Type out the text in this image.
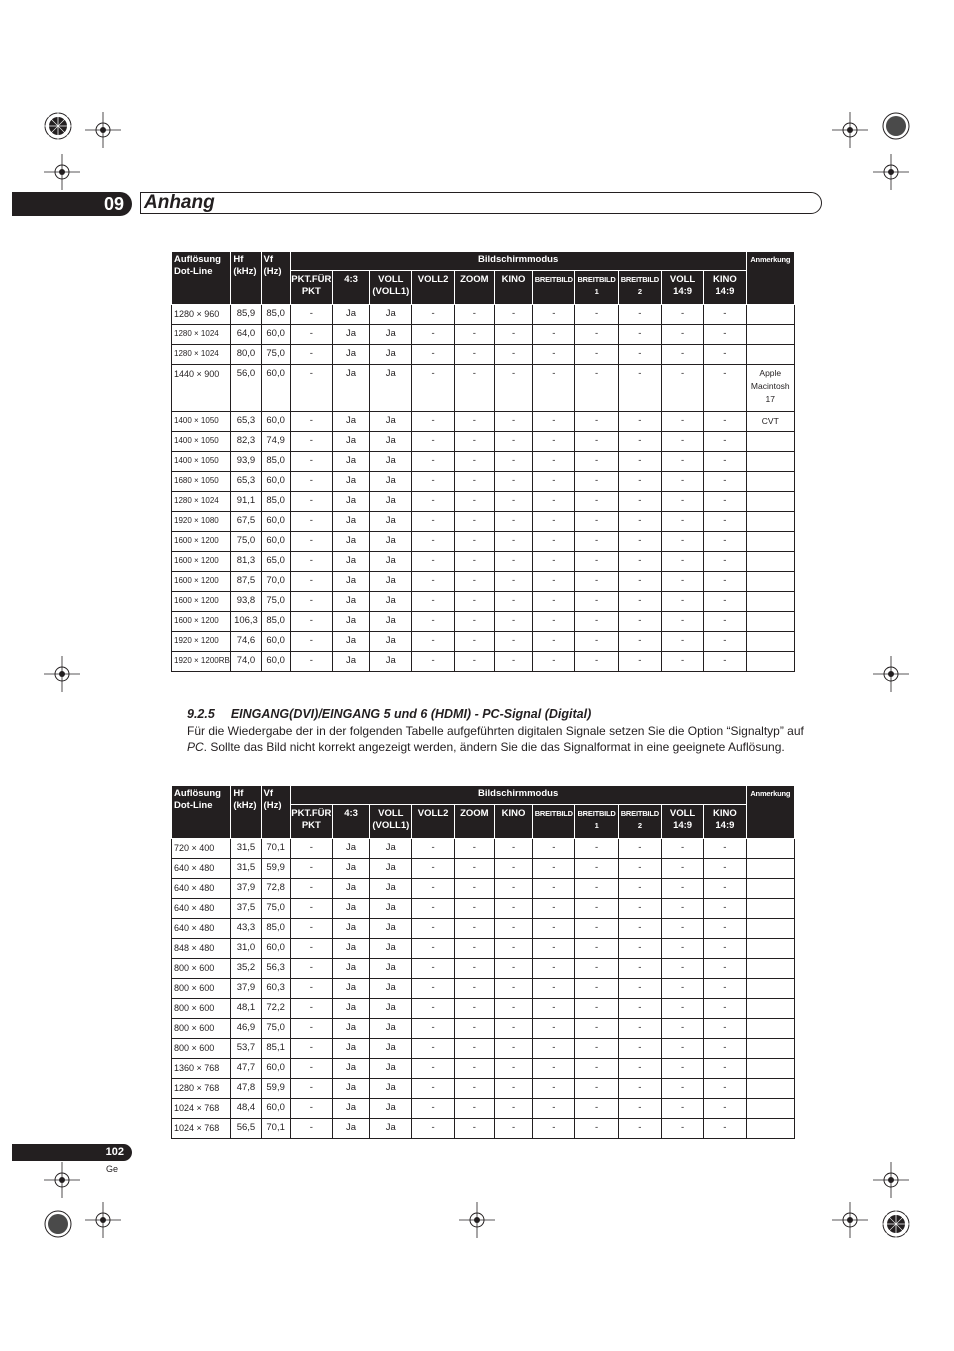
09	Anhang
Auflösung Dot-Line	Hf (kHz)	Vf (Hz)	Bildschirmmodus											Anmerkung
			PKT.FÜR PKT	4:3	VOLL (VOLL1)	VOLL2	ZOOM	KINO	BREITBILD	BREITBILD 1	BREITBILD 2	VOLL 14:9	KINO 14:9	
1280 × 960	85,9	85,0	-	Ja	Ja	-	-	-	-	-	-	-	-	
1280 × 1024	64,0	60,0	-	Ja	Ja	-	-	-	-	-	-	-	-	
1280 × 1024	80,0	75,0	-	Ja	Ja	-	-	-	-	-	-	-	-	
1440 × 900	56,0	60,0	-	Ja	Ja	-	-	-	-	-	-	-	-	Apple Macintosh 17
1400 × 1050	65,3	60,0	-	Ja	Ja	-	-	-	-	-	-	-	-	CVT
1400 × 1050	82,3	74,9	-	Ja	Ja	-	-	-	-	-	-	-	-	
1400 × 1050	93,9	85,0	-	Ja	Ja	-	-	-	-	-	-	-	-	
1680 × 1050	65,3	60,0	-	Ja	Ja	-	-	-	-	-	-	-	-	
1280 × 1024	91,1	85,0	-	Ja	Ja	-	-	-	-	-	-	-	-	
1920 × 1080	67,5	60,0	-	Ja	Ja	-	-	-	-	-	-	-	-	
1600 × 1200	75,0	60,0	-	Ja	Ja	-	-	-	-	-	-	-	-	
1600 × 1200	81,3	65,0	-	Ja	Ja	-	-	-	-	-	-	-	-	
1600 × 1200	87,5	70,0	-	Ja	Ja	-	-	-	-	-	-	-	-	
1600 × 1200	93,8	75,0	-	Ja	Ja	-	-	-	-	-	-	-	-	
1600 × 1200	106,3	85,0	-	Ja	Ja	-	-	-	-	-	-	-	-	
1920 × 1200	74,6	60,0	-	Ja	Ja	-	-	-	-	-	-	-	-	
1920 × 1200RB	74,0	60,0	-	Ja	Ja	-	-	-	-	-	-	-	-	
9.2.5 EINGANG(DVI)/EINGANG 5 und 6 (HDMI) - PC-Signal (Digital)
Für die Wiedergabe der in der folgenden Tabelle aufgeführten digitalen Signale setzen Sie die Option “Signaltyp” auf PC. Sollte das Bild nicht korrekt angezeigt werden, ändern Sie die das Signalformat in eine geeignete Auflösung.
Auflösung Dot-Line	Hf (kHz)	Vf (Hz)	Bildschirmmodus											Anmerkung
			PKT.FÜR PKT	4:3	VOLL (VOLL1)	VOLL2	ZOOM	KINO	BREITBILD	BREITBILD 1	BREITBILD 2	VOLL 14:9	KINO 14:9	
720 × 400	31,5	70,1	-	Ja	Ja	-	-	-	-	-	-	-	-	
640 × 480	31,5	59,9	-	Ja	Ja	-	-	-	-	-	-	-	-	
640 × 480	37,9	72,8	-	Ja	Ja	-	-	-	-	-	-	-	-	
640 × 480	37,5	75,0	-	Ja	Ja	-	-	-	-	-	-	-	-	
640 × 480	43,3	85,0	-	Ja	Ja	-	-	-	-	-	-	-	-	
848 × 480	31,0	60,0	-	Ja	Ja	-	-	-	-	-	-	-	-	
800 × 600	35,2	56,3	-	Ja	Ja	-	-	-	-	-	-	-	-	
800 × 600	37,9	60,3	-	Ja	Ja	-	-	-	-	-	-	-	-	
800 × 600	48,1	72,2	-	Ja	Ja	-	-	-	-	-	-	-	-	
800 × 600	46,9	75,0	-	Ja	Ja	-	-	-	-	-	-	-	-	
800 × 600	53,7	85,1	-	Ja	Ja	-	-	-	-	-	-	-	-	
1360 × 768	47,7	60,0	-	Ja	Ja	-	-	-	-	-	-	-	-	
1280 × 768	47,8	59,9	-	Ja	Ja	-	-	-	-	-	-	-	-	
1024 × 768	48,4	60,0	-	Ja	Ja	-	-	-	-	-	-	-	-	
1024 × 768	56,5	70,1	-	Ja	Ja	-	-	-	-	-	-	-	-	
102
Ge
